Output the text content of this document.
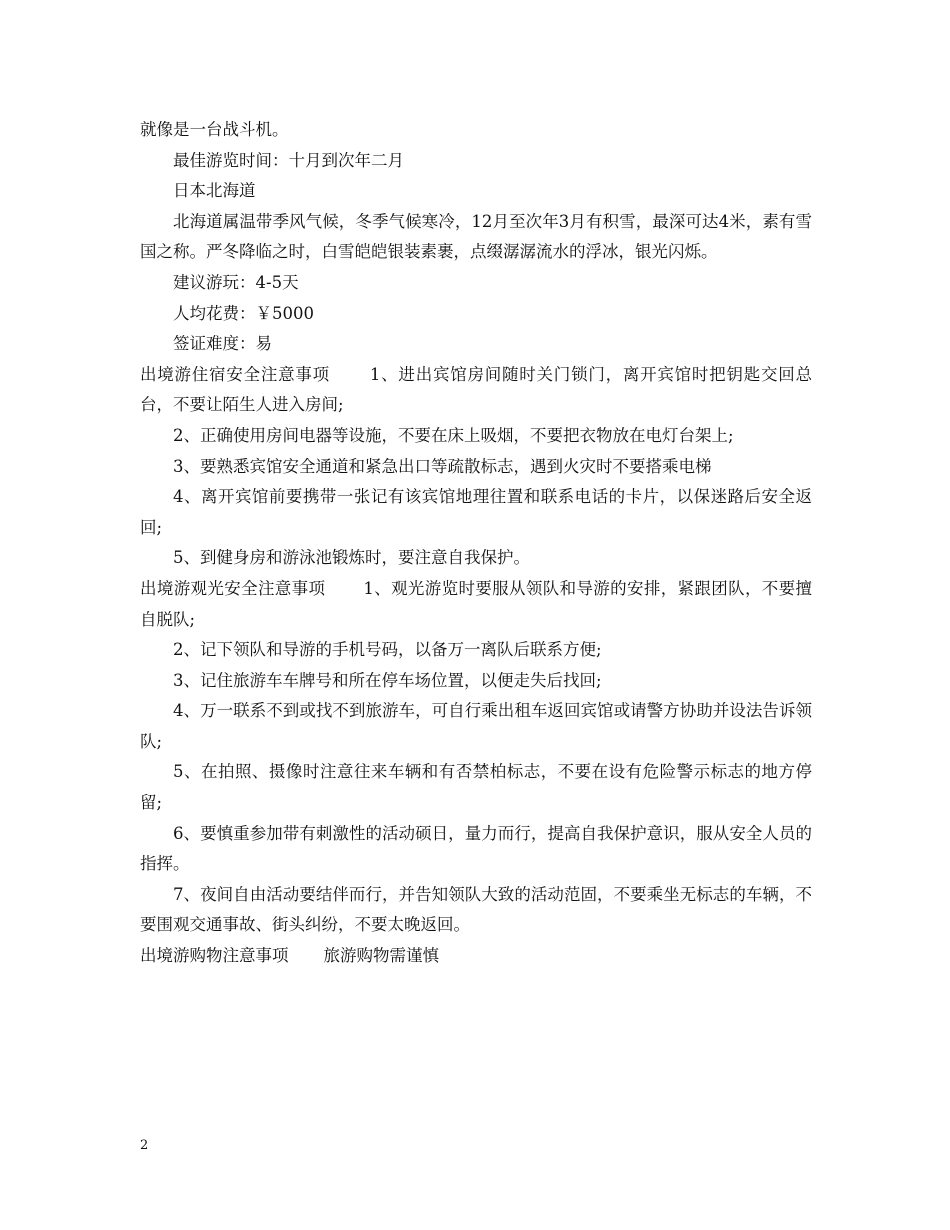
就像是一台战斗机。

最佳游览时间：十月到次年二月

日本北海道

北海道属温带季风气候，冬季气候寒冷，12月至次年3月有积雪，最深可达4米，素有雪国之称。严冬降临之时，白雪皑皑银装素裹，点缀潺潺流水的浮冰，银光闪烁。

建议游玩：4-5天

人均花费：￥5000

签证难度：易

出境游住宿安全注意事项 1、进出宾馆房间随时关门锁门，离开宾馆时把钥匙交回总台，不要让陌生人进入房间;

2、正确使用房间电器等设施，不要在床上吸烟，不要把衣物放在电灯台架上;

3、要熟悉宾馆安全通道和紧急出口等疏散标志，遇到火灾时不要搭乘电梯

4、离开宾馆前要携带一张记有该宾馆地理往置和联系电话的卡片，以保迷路后安全返回;

5、到健身房和游泳池锻炼时，要注意自我保护。

出境游观光安全注意事项 1、观光游览时要服从领队和导游的安排，紧跟团队，不要擅自脱队;

2、记下领队和导游的手机号码，以备万一离队后联系方便;

3、记住旅游车车牌号和所在停车场位置，以便走失后找回;

4、万一联系不到或找不到旅游车，可自行乘出租车返回宾馆或请警方协助并设法告诉领队;

5、在拍照、摄像时注意往来车辆和有否禁柏标志，不要在设有危险警示标志的地方停留;

6、要慎重参加带有刺激性的活动硕日，量力而行，提高自我保护意识，服从安全人员的指挥。

7、夜间自由活动要结伴而行，并告知领队大致的活动范固，不要乘坐无标志的车辆，不要围观交通事故、街头纠纷，不要太晚返回。

出境游购物注意事项 旅游购物需谨慎

2
